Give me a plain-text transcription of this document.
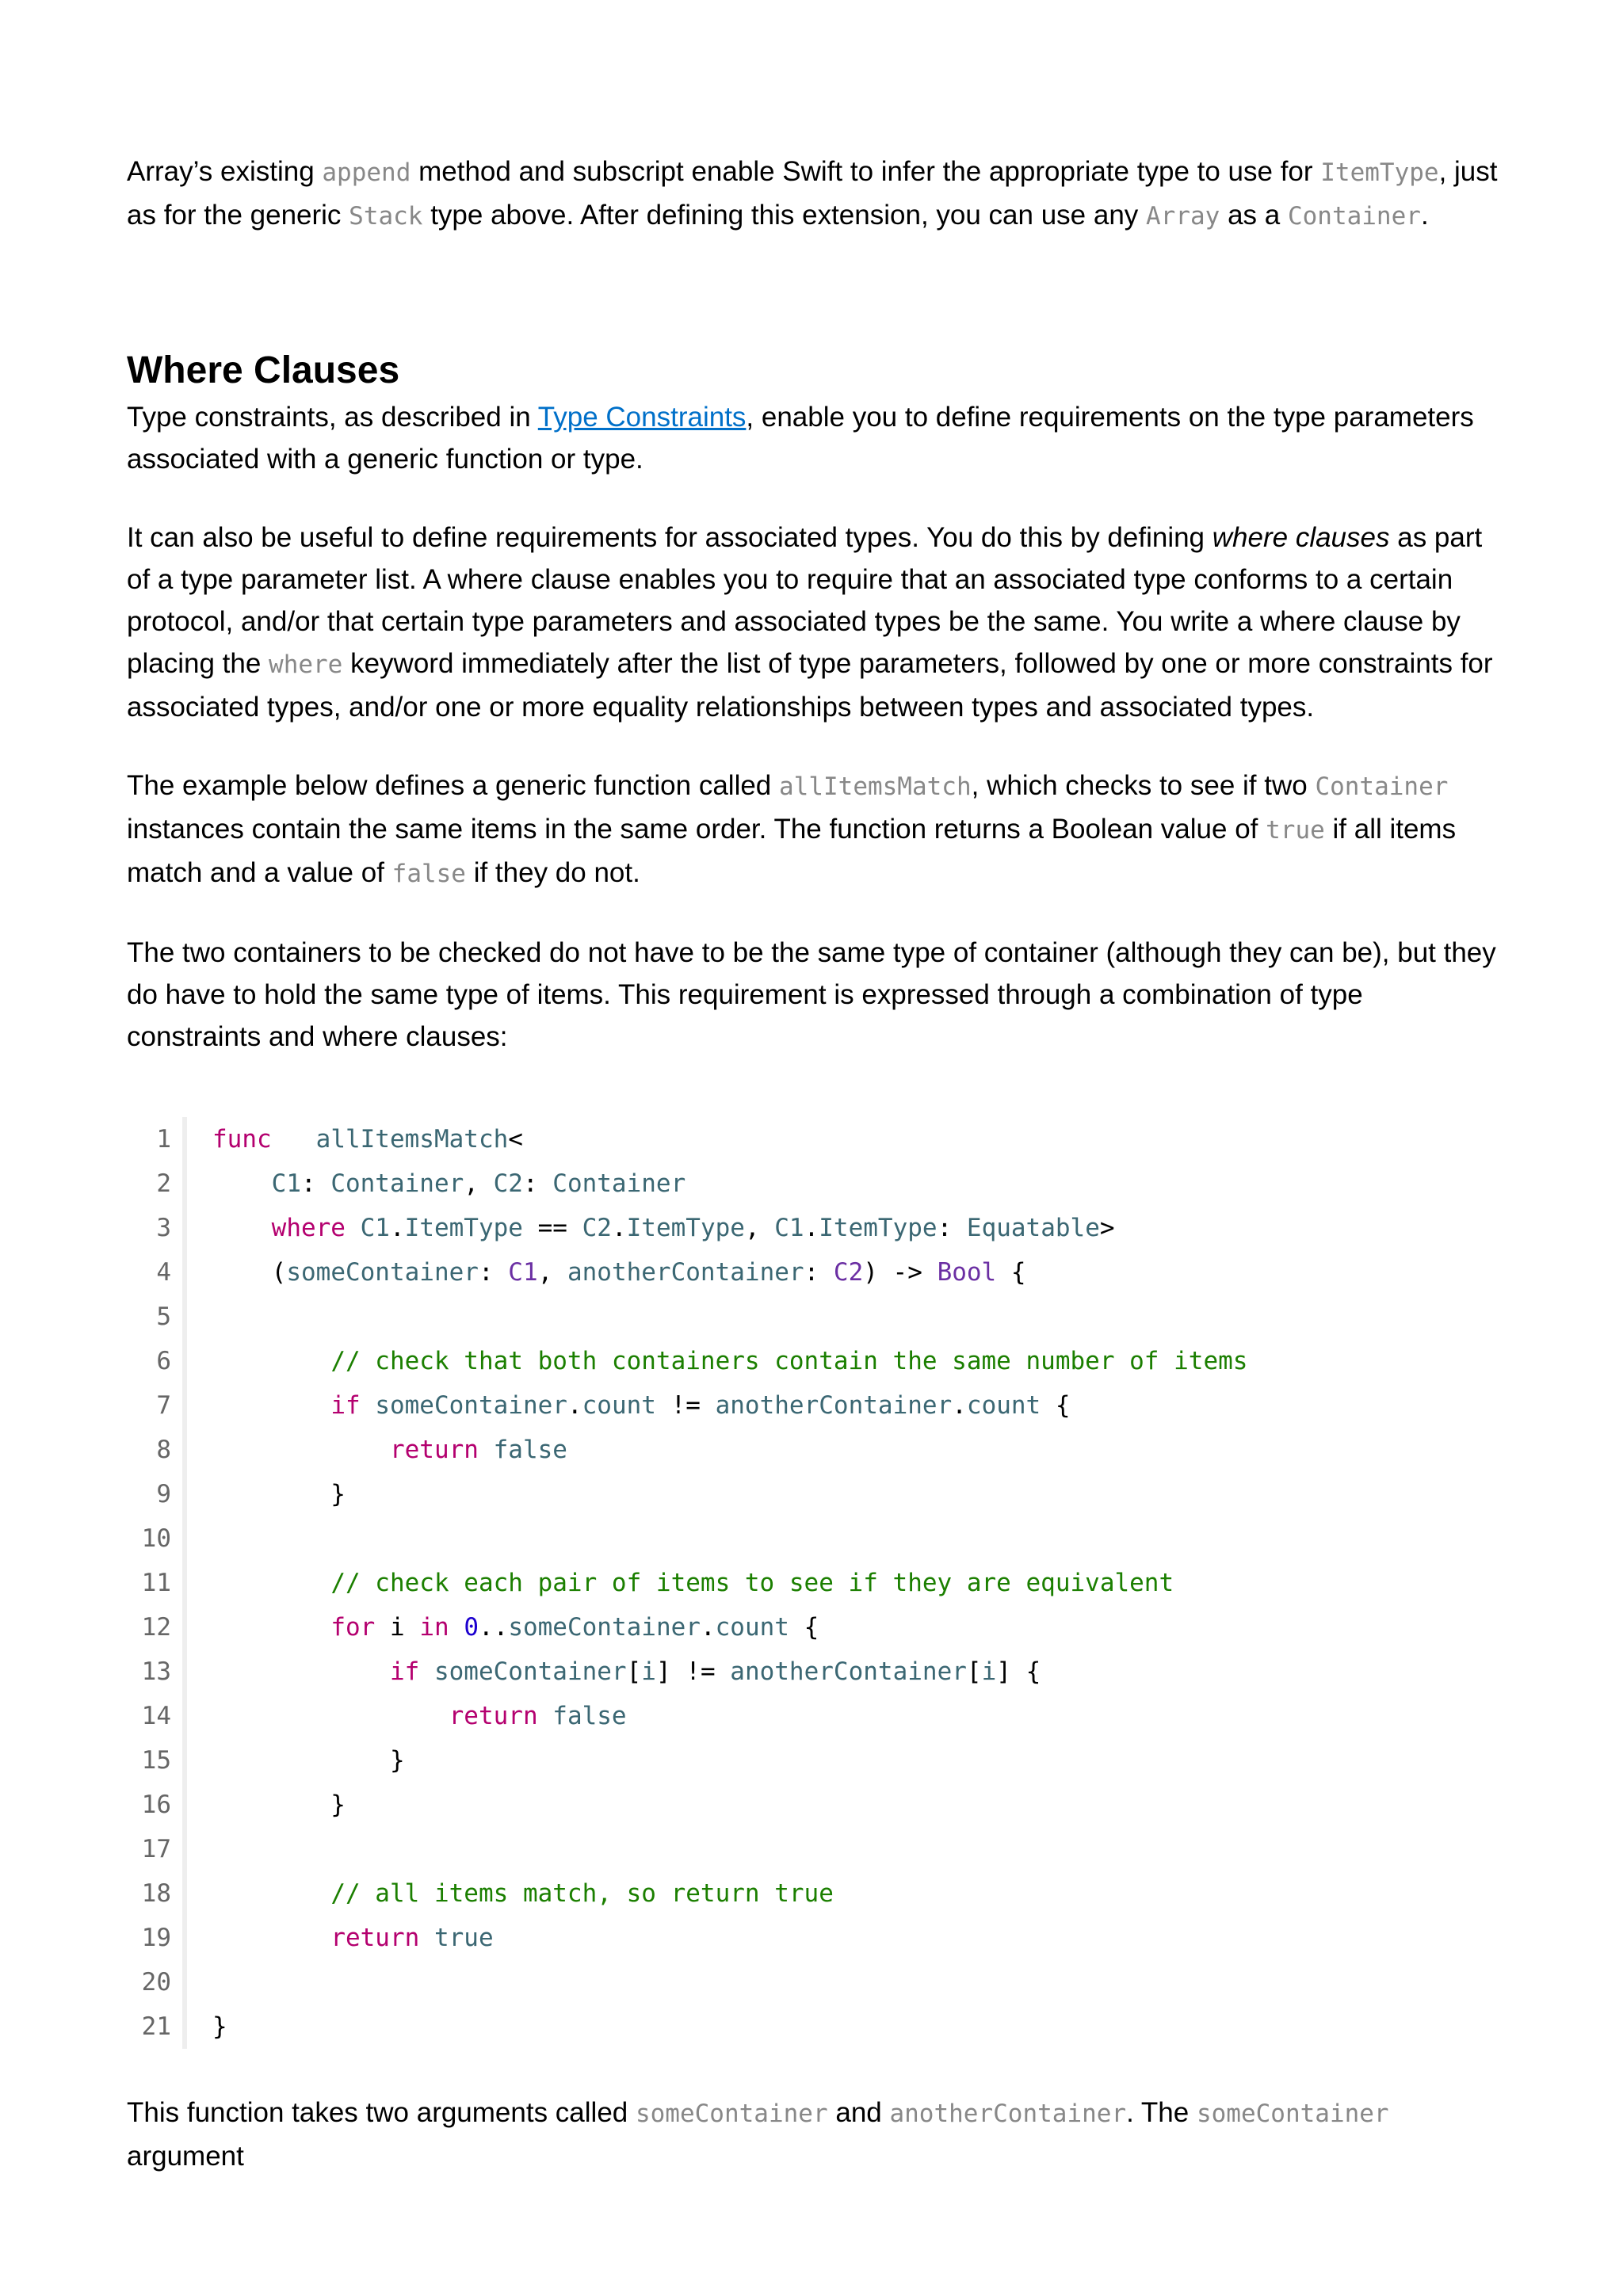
Array’s existing append method and subscript enable Swift to infer the appropriate type to use for ItemType, just as for the generic Stack type above. After defining this extension, you can use any Array as a Container.

Where Clauses

Type constraints, as described in Type Constraints, enable you to define requirements on the type parameters associated with a generic function or type.

It can also be useful to define requirements for associated types. You do this by defining where clauses as part of a type parameter list. A where clause enables you to require that an associated type conforms to a certain protocol, and/or that certain type parameters and associated types be the same. You write a where clause by placing the where keyword immediately after the list of type parameters, followed by one or more constraints for associated types, and/or one or more equality relationships between types and associated types.

The example below defines a generic function called allItemsMatch, which checks to see if two Container instances contain the same items in the same order. The function returns a Boolean value of true if all items match and a value of false if they do not.

The two containers to be checked do not have to be the same type of container (although they can be), but they do have to hold the same type of items. This requirement is expressed through a combination of type constraints and where clauses:

1	func allItemsMatch<
2	C1: Container, C2: Container
3	where C1.ItemType == C2.ItemType, C1.ItemType: Equatable>
4	(someContainer: C1, anotherContainer: C2) -> Bool {
5
6	// check that both containers contain the same number of items
7	if someContainer.count != anotherContainer.count {
8	return false
9	}
10
11	// check each pair of items to see if they are equivalent
12	for i in 0..someContainer.count {
13	if someContainer[i] != anotherContainer[i] {
14	return false
15	}
16	}
17
18	// all items match, so return true
19	return true
20
21	}

This function takes two arguments called someContainer and anotherContainer. The someContainer argument
